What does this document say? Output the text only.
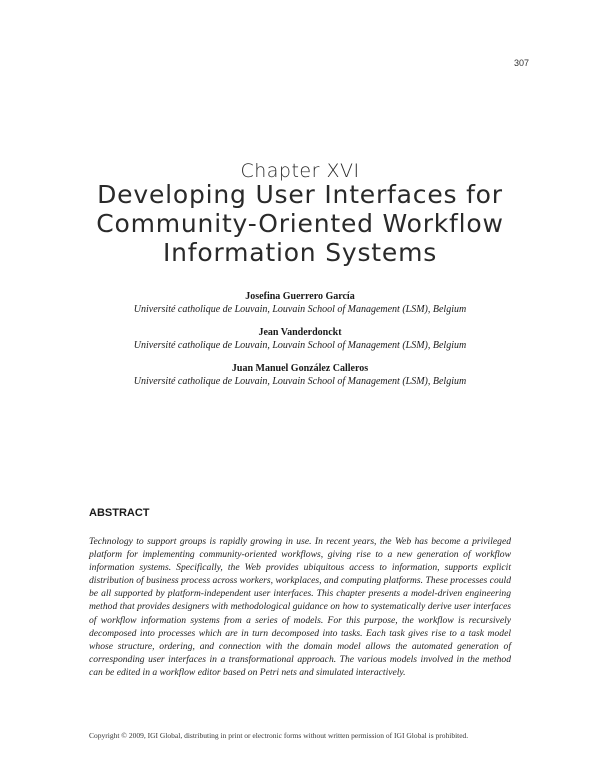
307
Chapter XVI
Developing User Interfaces for Community-Oriented Workflow Information Systems
Josefina Guerrero García
Université catholique de Louvain, Louvain School of Management (LSM), Belgium
Jean Vanderdonckt
Université catholique de Louvain, Louvain School of Management (LSM), Belgium
Juan Manuel González Calleros
Université catholique de Louvain, Louvain School of Management (LSM), Belgium
ABSTRACT

Technology to support groups is rapidly growing in use. In recent years, the Web has become a privileged platform for implementing community-oriented workflows, giving rise to a new generation of workflow information systems. Specifically, the Web provides ubiquitous access to information, supports explicit distribution of business process across workers, workplaces, and computing platforms. These processes could be all supported by platform-independent user interfaces. This chapter presents a model-driven engineering method that provides designers with methodological guidance on how to systematically derive user interfaces of workflow information systems from a series of models. For this purpose, the workflow is recursively decomposed into processes which are in turn decomposed into tasks. Each task gives rise to a task model whose structure, ordering, and connection with the domain model allows the automated generation of corresponding user interfaces in a transformational approach. The various models involved in the method can be edited in a workflow editor based on Petri nets and simulated interactively.

Copyright © 2009, IGI Global, distributing in print or electronic forms without written permission of IGI Global is prohibited.
